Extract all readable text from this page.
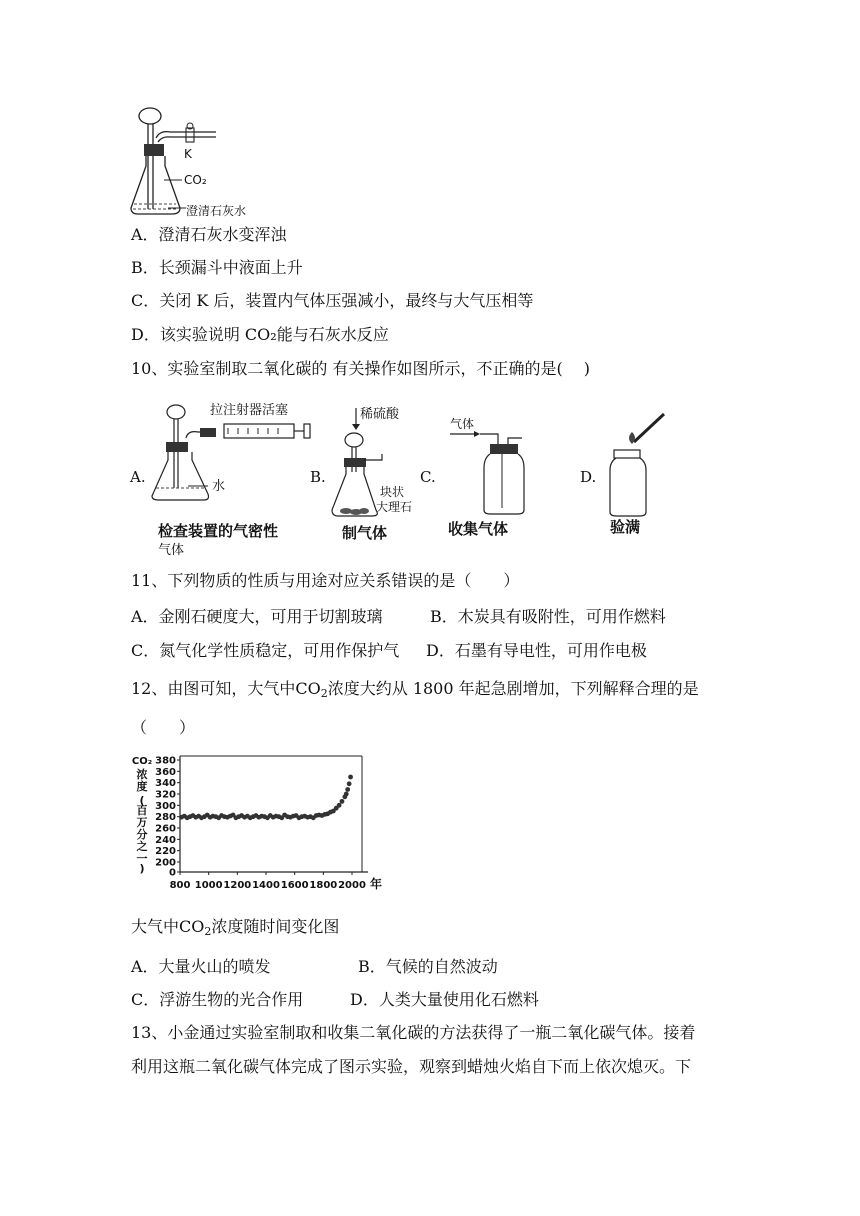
K
CO₂
澄清石灰水
A．澄清石灰水变浑浊
B．长颈漏斗中液面上升
C．关闭 K 后，装置内气体压强减小，最终与大气压相等
D．该实验说明 CO₂能与石灰水反应
10、实验室制取二氧化碳的 有关操作如图所示，不正确的是(　 )
A.
拉注射器活塞
水
B.
稀硫酸
块状
大理石
C.
气体
D.
检查装置的气密性	制气体	收集气体	验满
气体
11、下列物质的性质与用途对应关系错误的是（　　）
A．金刚石硬度大，可用于切割玻璃	B．木炭具有吸附性，可用作燃料
C．氮气化学性质稳定，可用作保护气 D．石墨有导电性，可用作电极
12、由图可知，大气中$CO_2$浓度大约从 1800 年起急剧增加，下列解释合理的是
（　　）
0
200
220
240
260
280
300
320
340
360
380
800 1000 1200 1400 1600 1800 2000 年
CO₂
浓
度
(
百
万
分
之
一
)
大气中$CO_2$浓度随时间变化图
A．大量火山的喷发	B．气候的自然波动
C．浮游生物的光合作用	D．人类大量使用化石燃料
13、小金通过实验室制取和收集二氧化碳的方法获得了一瓶二氧化碳气体。接着
利用这瓶二氧化碳气体完成了图示实验，观察到蜡烛火焰自下而上依次熄灭。下
